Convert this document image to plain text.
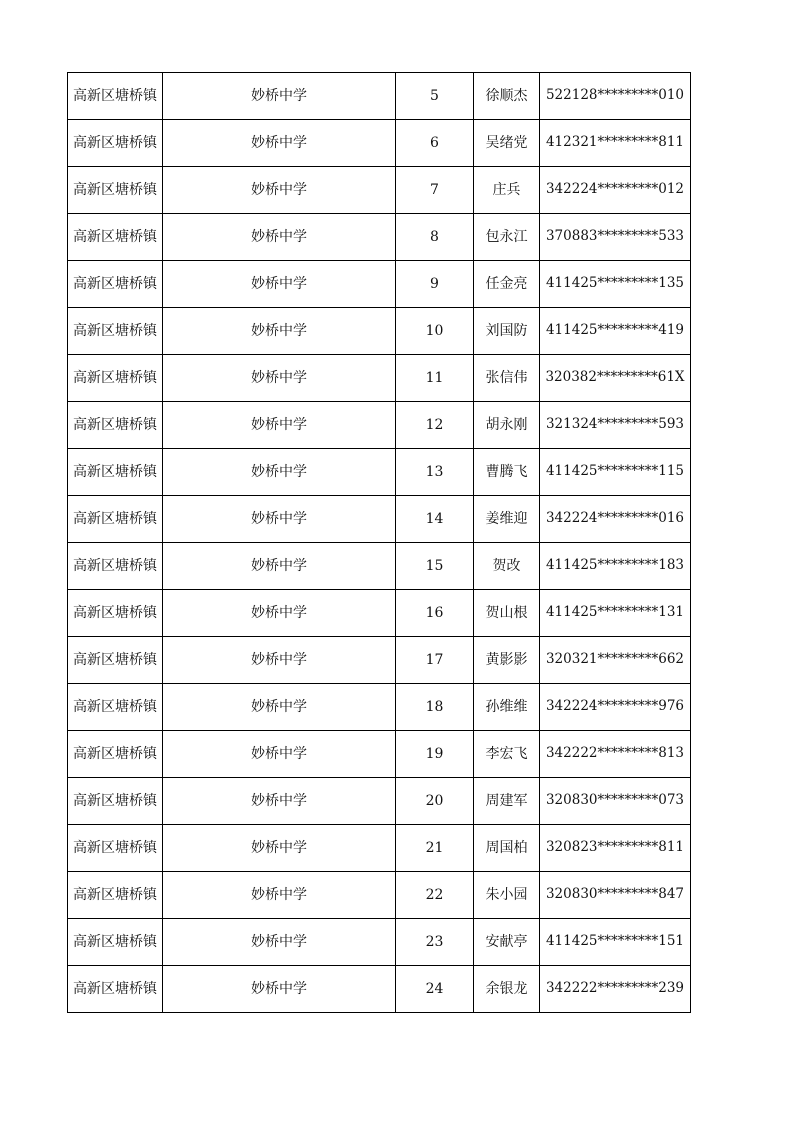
高新区塘桥镇	妙桥中学	5	徐顺杰	522128*********010
高新区塘桥镇	妙桥中学	6	吴绪党	412321*********811
高新区塘桥镇	妙桥中学	7	庄兵	342224*********012
高新区塘桥镇	妙桥中学	8	包永江	370883*********533
高新区塘桥镇	妙桥中学	9	任金亮	411425*********135
高新区塘桥镇	妙桥中学	10	刘国防	411425*********419
高新区塘桥镇	妙桥中学	11	张信伟	320382*********61X
高新区塘桥镇	妙桥中学	12	胡永刚	321324*********593
高新区塘桥镇	妙桥中学	13	曹腾飞	411425*********115
高新区塘桥镇	妙桥中学	14	姜维迎	342224*********016
高新区塘桥镇	妙桥中学	15	贺改	411425*********183
高新区塘桥镇	妙桥中学	16	贺山根	411425*********131
高新区塘桥镇	妙桥中学	17	黄影影	320321*********662
高新区塘桥镇	妙桥中学	18	孙维维	342224*********976
高新区塘桥镇	妙桥中学	19	李宏飞	342222*********813
高新区塘桥镇	妙桥中学	20	周建军	320830*********073
高新区塘桥镇	妙桥中学	21	周国柏	320823*********811
高新区塘桥镇	妙桥中学	22	朱小园	320830*********847
高新区塘桥镇	妙桥中学	23	安献亭	411425*********151
高新区塘桥镇	妙桥中学	24	余银龙	342222*********239
